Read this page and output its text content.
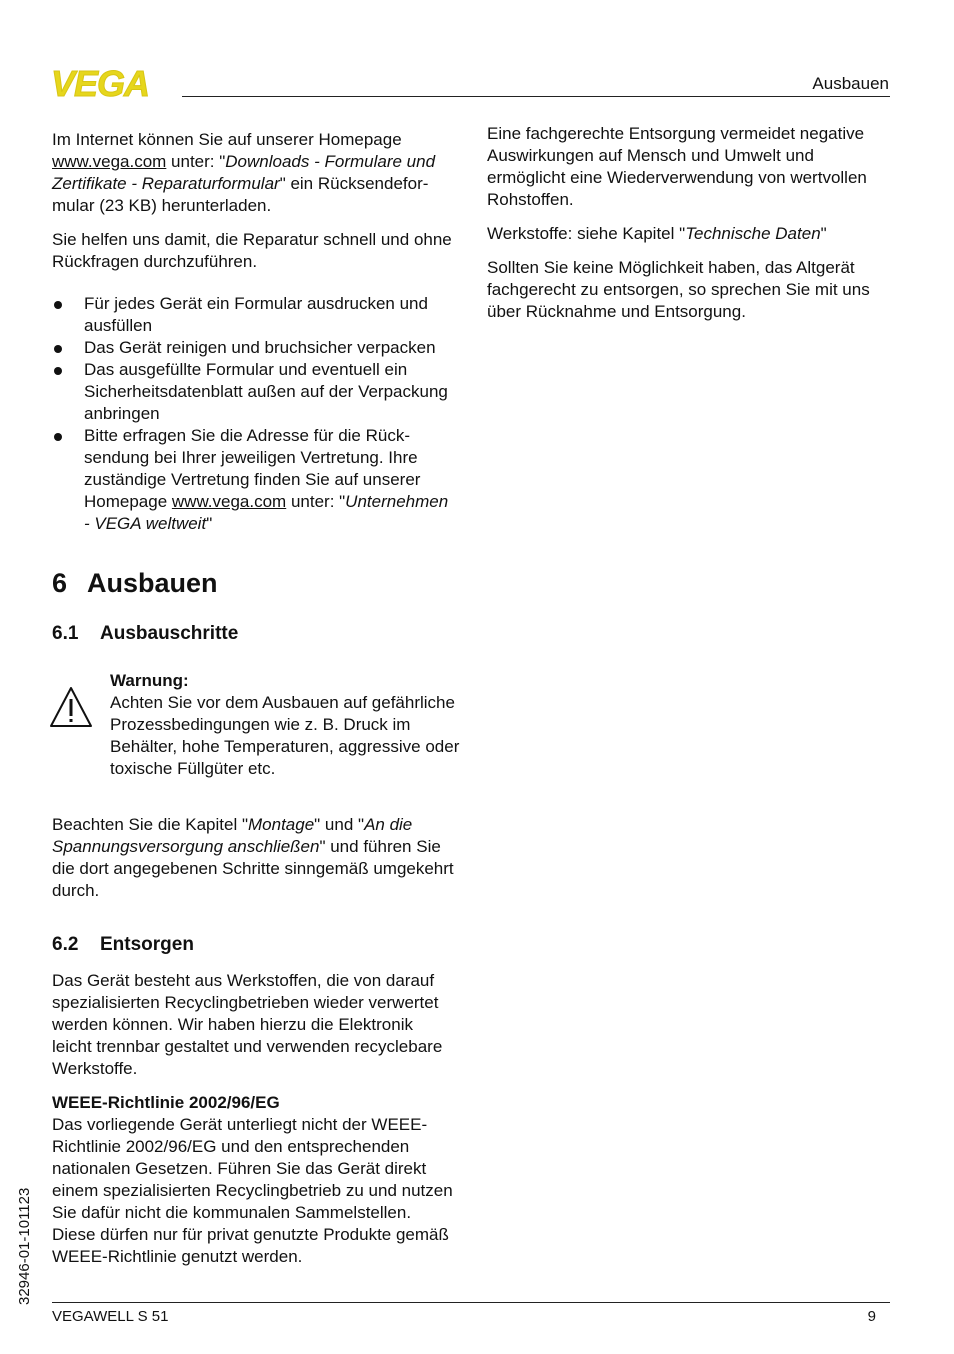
VEGA	Ausbauen

Im Internet können Sie auf unserer Homepage www.vega.com unter: "Downloads - Formulare und Zertifikate - Reparaturformular" ein Rücksendeformular (23 KB) herunterladen.

Sie helfen uns damit, die Reparatur schnell und ohne Rückfragen durchzuführen.

Für jedes Gerät ein Formular ausdrucken und ausfüllen
Das Gerät reinigen und bruchsicher verpacken
Das ausgefüllte Formular und eventuell ein Sicherheitsdatenblatt außen auf der Verpackung anbringen
Bitte erfragen Sie die Adresse für die Rücksendung bei Ihrer jeweiligen Vertretung. Ihre zuständige Vertretung finden Sie auf unserer Homepage www.vega.com unter: "Unternehmen - VEGA weltweit"
6 Ausbauen
6.1 Ausbauschritte

Warnung:

Achten Sie vor dem Ausbauen auf gefährliche Prozessbedingungen wie z. B. Druck im Behälter, hohe Temperaturen, aggressive oder toxische Füllgüter etc.

Beachten Sie die Kapitel "Montage" und "An die Spannungsversorgung anschließen" und führen Sie die dort angegebenen Schritte sinngemäß umgekehrt durch.

6.2 Entsorgen

Das Gerät besteht aus Werkstoffen, die von darauf spezialisierten Recyclingbetrieben wieder verwertet werden können. Wir haben hierzu die Elektronik leicht trennbar gestaltet und verwenden recyclebare Werkstoffe.

WEEE-Richtlinie 2002/96/EG

Das vorliegende Gerät unterliegt nicht der WEEE-Richtlinie 2002/96/EG und den entsprechenden nationalen Gesetzen. Führen Sie das Gerät direkt einem spezialisierten Recyclingbetrieb zu und nutzen Sie dafür nicht die kommunalen Sammelstellen. Diese dürfen nur für privat genutzte Produkte gemäß WEEE-Richtlinie genutzt werden.

Eine fachgerechte Entsorgung vermeidet negative Auswirkungen auf Mensch und Umwelt und ermöglicht eine Wiederverwendung von wertvollen Rohstoffen.

Werkstoffe: siehe Kapitel "Technische Daten"

Sollten Sie keine Möglichkeit haben, das Altgerät fachgerecht zu entsorgen, so sprechen Sie mit uns über Rücknahme und Entsorgung.

32946-01-101123
VEGAWELL S 51	9
